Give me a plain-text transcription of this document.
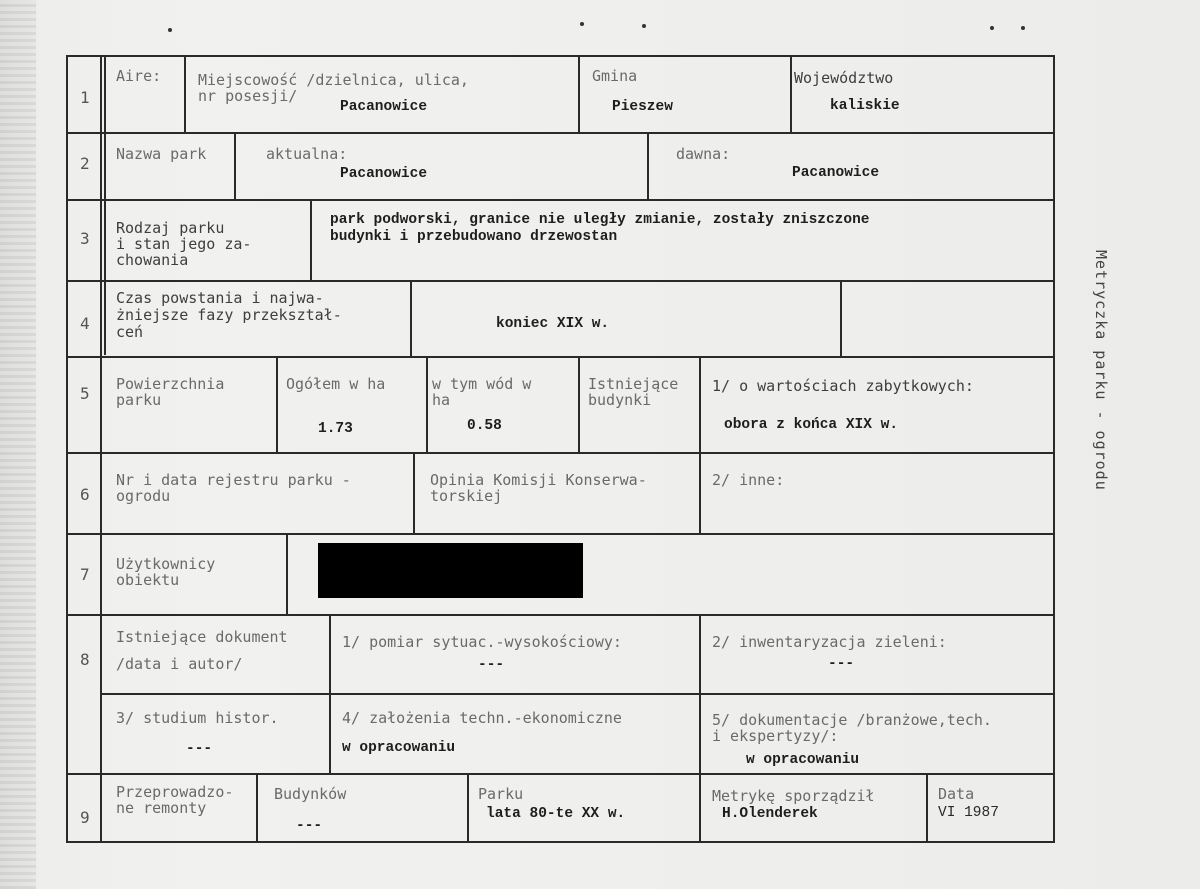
1
2
3
4
5
6
7
8
9
Aire: Miejscowość /dzielnica, ulica,
nr posesji/
Pacanowice
Gmina
Pieszew
Województwo
kaliskie
Nazwa park	aktualna:
Pacanowice
dawna:
Pacanowice
Rodzaj parku
i stan jego za-
chowania
park podworski, granice nie uległy zmianie, zostały zniszczone
budynki i przebudowano drzewostan
Czas powstania i najwa-
żniejsze fazy przekształ-
ceń	koniec XIX w.
Powierzchnia
parku
Ogółem w ha
1.73
w tym wód w
ha
0.58
Istniejące
budynki
1/ o wartościach zabytkowych:
obora z końca XIX w.
Nr i data rejestru parku -
ogrodu
Opinia Komisji Konserwa-
torskiej
2/ inne:
Użytkownicy
obiektu
Istniejące dokument
/data i autor/
1/ pomiar sytuac.-wysokościowy:
---
2/ inwentaryzacja zieleni:
---
3/ studium histor.
---
4/ założenia techn.-ekonomiczne
w opracowaniu
5/ dokumentacje /branżowe,tech.
i ekspertyzy/:
w opracowaniu
Przeprowadzo-
ne remonty
Budynków
---
Parku
lata 80-te XX w.
Metrykę sporządził
H.Olenderek
Data
VI 1987
Metryczka parku - ogrodu
